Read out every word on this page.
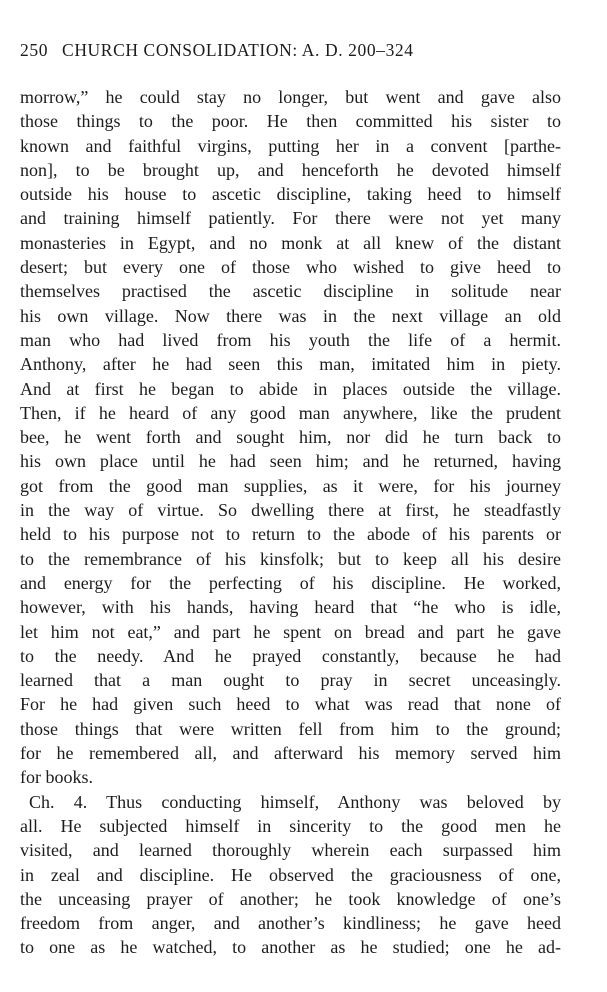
250 CHURCH CONSOLIDATION: A. D. 200–324
morrow,” he could stay no longer, but went and gave also
those things to the poor. He then committed his sister to
known and faithful virgins, putting her in a convent [parthe-
non], to be brought up, and henceforth he devoted himself
outside his house to ascetic discipline, taking heed to himself
and training himself patiently. For there were not yet many
monasteries in Egypt, and no monk at all knew of the distant
desert; but every one of those who wished to give heed to
themselves practised the ascetic discipline in solitude near
his own village. Now there was in the next village an old
man who had lived from his youth the life of a hermit.
Anthony, after he had seen this man, imitated him in piety.
And at first he began to abide in places outside the village.
Then, if he heard of any good man anywhere, like the prudent
bee, he went forth and sought him, nor did he turn back to
his own place until he had seen him; and he returned, having
got from the good man supplies, as it were, for his journey
in the way of virtue. So dwelling there at first, he steadfastly
held to his purpose not to return to the abode of his parents or
to the remembrance of his kinsfolk; but to keep all his desire
and energy for the perfecting of his discipline. He worked,
however, with his hands, having heard that “he who is idle,
let him not eat,” and part he spent on bread and part he gave
to the needy. And he prayed constantly, because he had
learned that a man ought to pray in secret unceasingly.
For he had given such heed to what was read that none of
those things that were written fell from him to the ground;
for he remembered all, and afterward his memory served him
for books.
Ch. 4. Thus conducting himself, Anthony was beloved by
all. He subjected himself in sincerity to the good men he
visited, and learned thoroughly wherein each surpassed him
in zeal and discipline. He observed the graciousness of one,
the unceasing prayer of another; he took knowledge of one’s
freedom from anger, and another’s kindliness; he gave heed
to one as he watched, to another as he studied; one he ad-
